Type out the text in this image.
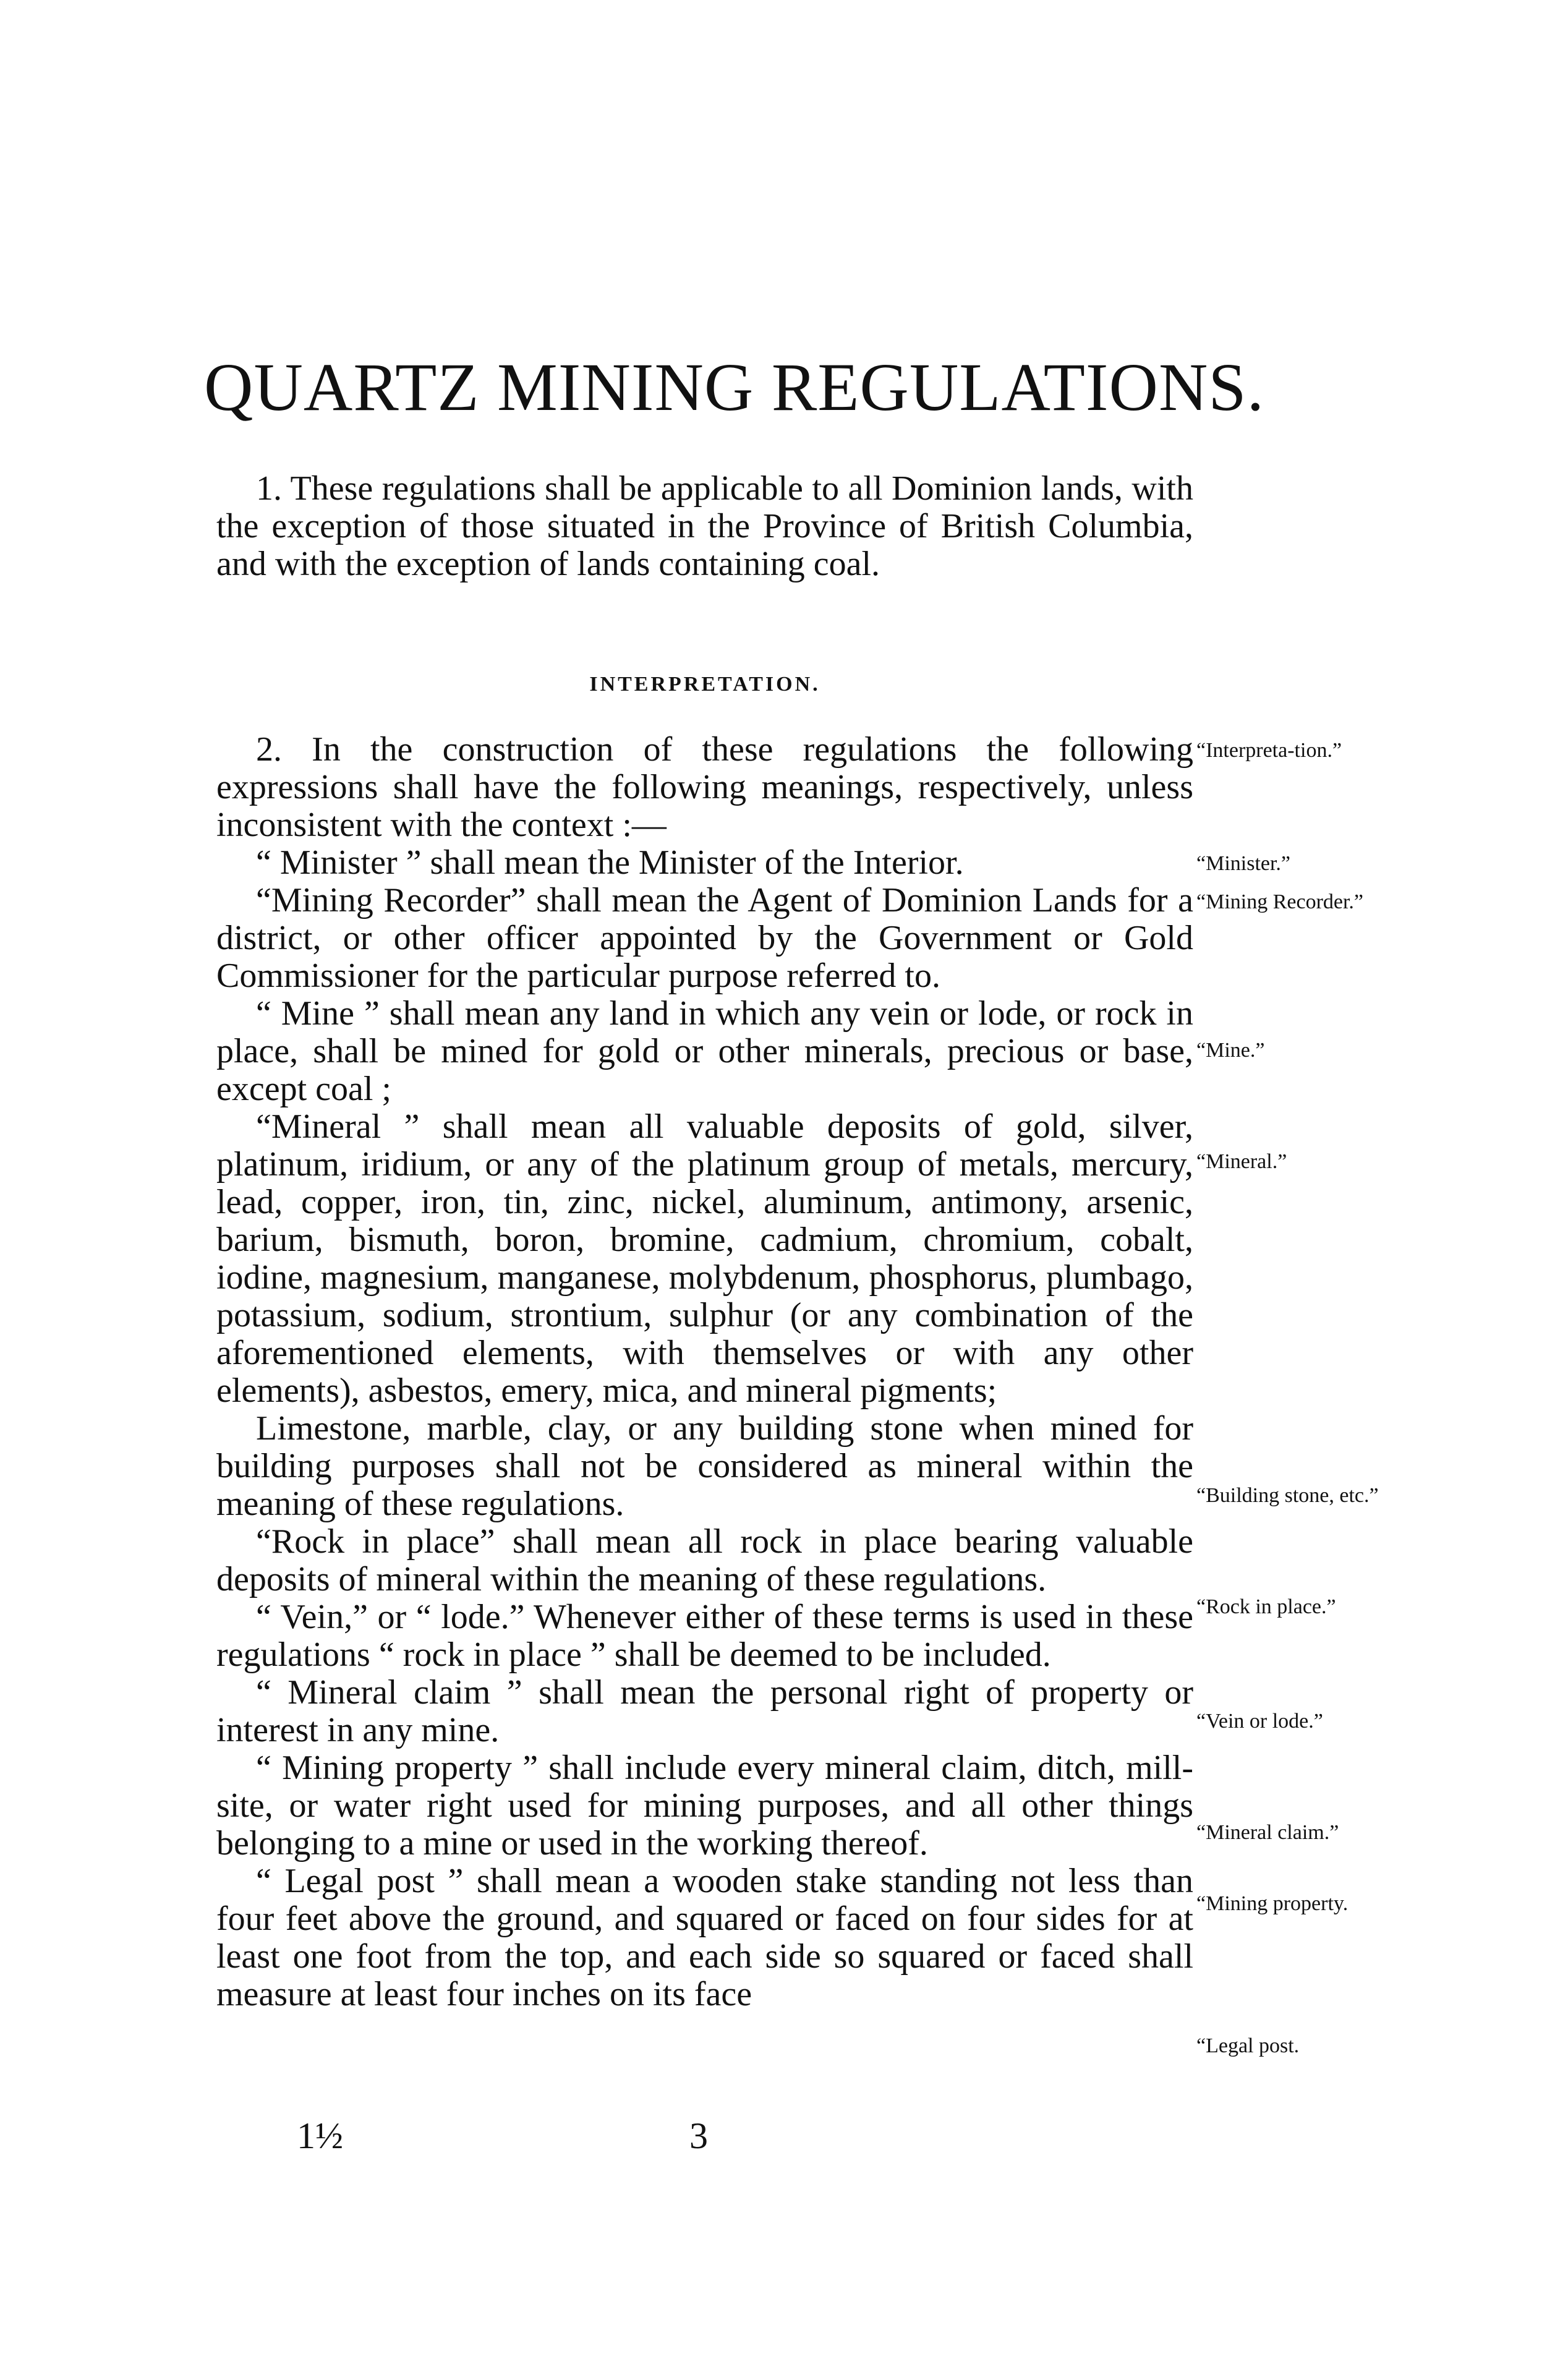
QUARTZ MINING REGULATIONS.

1. These regulations shall be applicable to all Dominion lands, with the exception of those situated in the Province of British Columbia, and with the exception of lands containing coal.

INTERPRETATION.

2. In the construction of these regulations the following expressions shall have the following meanings, respectively, unless inconsistent with the context :—

“ Minister ” shall mean the Minister of the Interior.

“Mining Recorder” shall mean the Agent of Dominion Lands for a district, or other officer appointed by the Government or Gold Commissioner for the particular purpose referred to.

“ Mine ” shall mean any land in which any vein or lode, or rock in place, shall be mined for gold or other minerals, precious or base, except coal ;

“Mineral ” shall mean all valuable deposits of gold, silver, platinum, iridium, or any of the platinum group of metals, mercury, lead, copper, iron, tin, zinc, nickel, aluminum, antimony, arsenic, barium, bismuth, boron, bromine, cadmium, chromium, cobalt, iodine, magnesium, manganese, molybdenum, phosphorus, plumbago, potassium, sodium, strontium, sulphur (or any combination of the aforementioned elements, with themselves or with any other elements), asbestos, emery, mica, and mineral pigments;

Limestone, marble, clay, or any building stone when mined for building purposes shall not be considered as mineral within the meaning of these regulations.

“Rock in place” shall mean all rock in place bearing valuable deposits of mineral within the meaning of these regulations.

“ Vein,” or “ lode.” Whenever either of these terms is used in these regulations “ rock in place ” shall be deemed to be included.

“ Mineral claim ” shall mean the personal right of property or interest in any mine.

“ Mining property ” shall include every mineral claim, ditch, mill-site, or water right used for mining purposes, and all other things belonging to a mine or used in the working thereof.

“ Legal post ” shall mean a wooden stake standing not less than four feet above the ground, and squared or faced on four sides for at least one foot from the top, and each side so squared or faced shall measure at least four inches on its face

“Interpreta-tion.”
“Minister.”
“Mining Recorder.”
“Mine.”
“Mineral.”
“Building stone, etc.”
“Rock in place.”
“Vein or lode.”
“Mineral claim.”
“Mining property.
“Legal post.
1½	3
